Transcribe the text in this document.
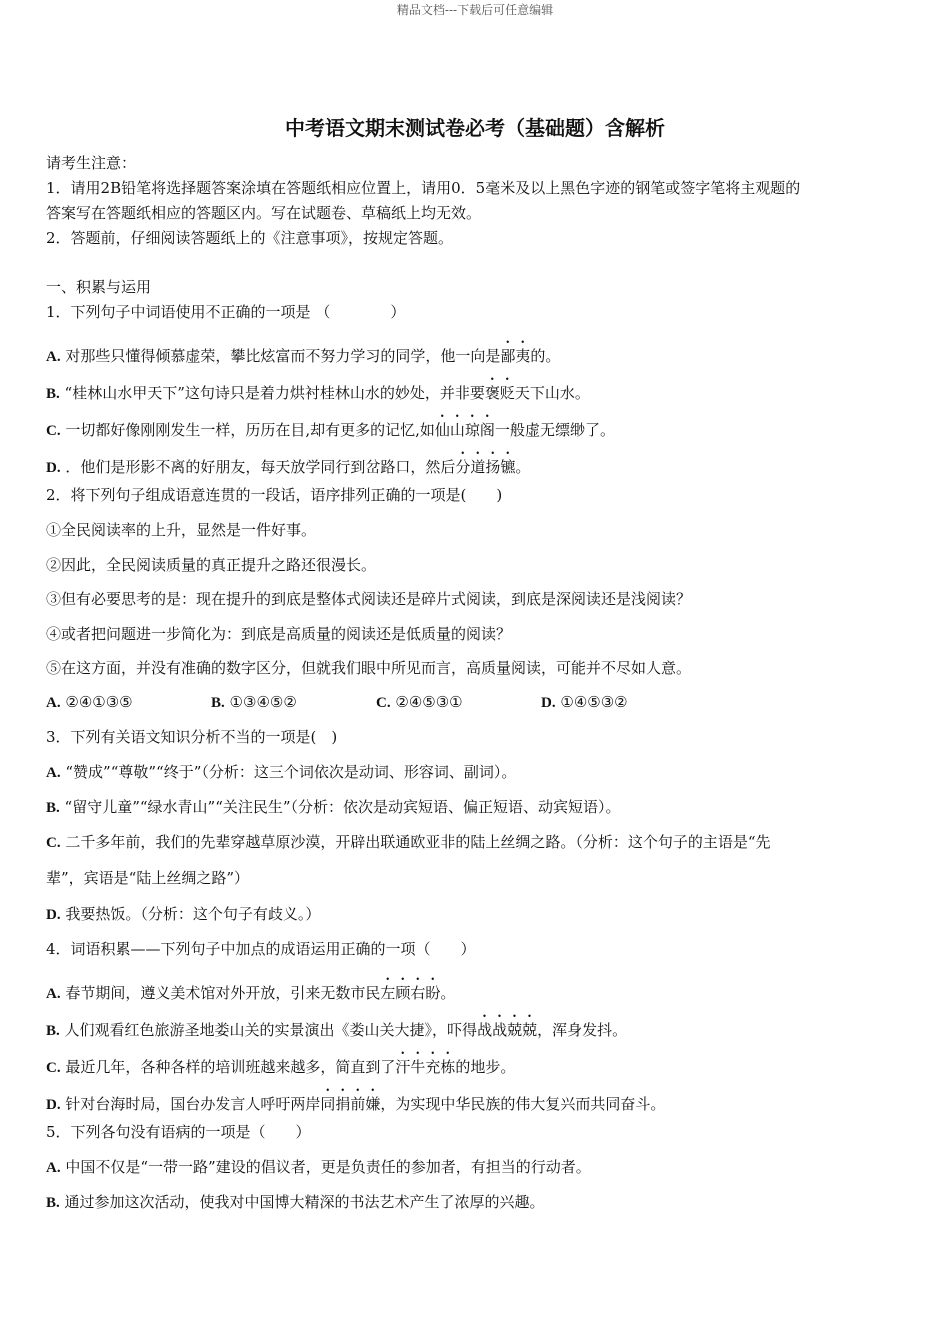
精品文档---下载后可任意编辑
中考语文期末测试卷必考（基础题）含解析
请考生注意：
1．请用2B铅笔将选择题答案涂填在答题纸相应位置上，请用0．5毫米及以上黑色字迹的钢笔或签字笔将主观题的
答案写在答题纸相应的答题区内。写在试题卷、草稿纸上均无效。
2．答题前，仔细阅读答题纸上的《注意事项》，按规定答题。
一、积累与运用
1．下列句子中词语使用不正确的一项是 （　　　　）
A. 对那些只懂得倾慕虚荣，攀比炫富而不努力学习的同学，他一向是鄙夷的。
B. “桂林山水甲天下”这句诗只是着力烘衬桂林山水的妙处，并非要褒贬天下山水。
C. 一切都好像刚刚发生一样，历历在目,却有更多的记忆,如仙山琼阁一般虚无缥缈了。
D. ．他们是形影不离的好朋友，每天放学同行到岔路口，然后分道扬镳。
2．将下列句子组成语意连贯的一段话，语序排列正确的一项是(　　)
①全民阅读率的上升，显然是一件好事。
②因此，全民阅读质量的真正提升之路还很漫长。
③但有必要思考的是：现在提升的到底是整体式阅读还是碎片式阅读，到底是深阅读还是浅阅读？
④或者把问题进一步简化为：到底是高质量的阅读还是低质量的阅读？
⑤在这方面，并没有准确的数字区分，但就我们眼中所见而言，高质量阅读，可能并不尽如人意。
A. ②④①③⑤	B. ①③④⑤②	C. ②④⑤③①	D. ①④⑤③②
3．下列有关语文知识分析不当的一项是(　)
A. “赞成”“尊敬”“终于”（分析：这三个词依次是动词、形容词、副词）。
B. “留守儿童”“绿水青山”“关注民生”（分析：依次是动宾短语、偏正短语、动宾短语）。
C. 二千多年前，我们的先辈穿越草原沙漠，开辟出联通欧亚非的陆上丝绸之路。（分析：这个句子的主语是“先
辈”，宾语是“陆上丝绸之路”）
D. 我要热饭。（分析：这个句子有歧义。）
4．词语积累——下列句子中加点的成语运用正确的一项（　　）
A. 春节期间，遵义美术馆对外开放，引来无数市民左顾右盼。
B. 人们观看红色旅游圣地娄山关的实景演出《娄山关大捷》，吓得战战兢兢，浑身发抖。
C. 最近几年，各种各样的培训班越来越多，简直到了汗牛充栋的地步。
D. 针对台海时局，国台办发言人呼吁两岸同捐前嫌，为实现中华民族的伟大复兴而共同奋斗。
5．下列各句没有语病的一项是（　　）
A. 中国不仅是“一带一路”建设的倡议者，更是负责任的参加者，有担当的行动者。
B. 通过参加这次活动，使我对中国博大精深的书法艺术产生了浓厚的兴趣。
